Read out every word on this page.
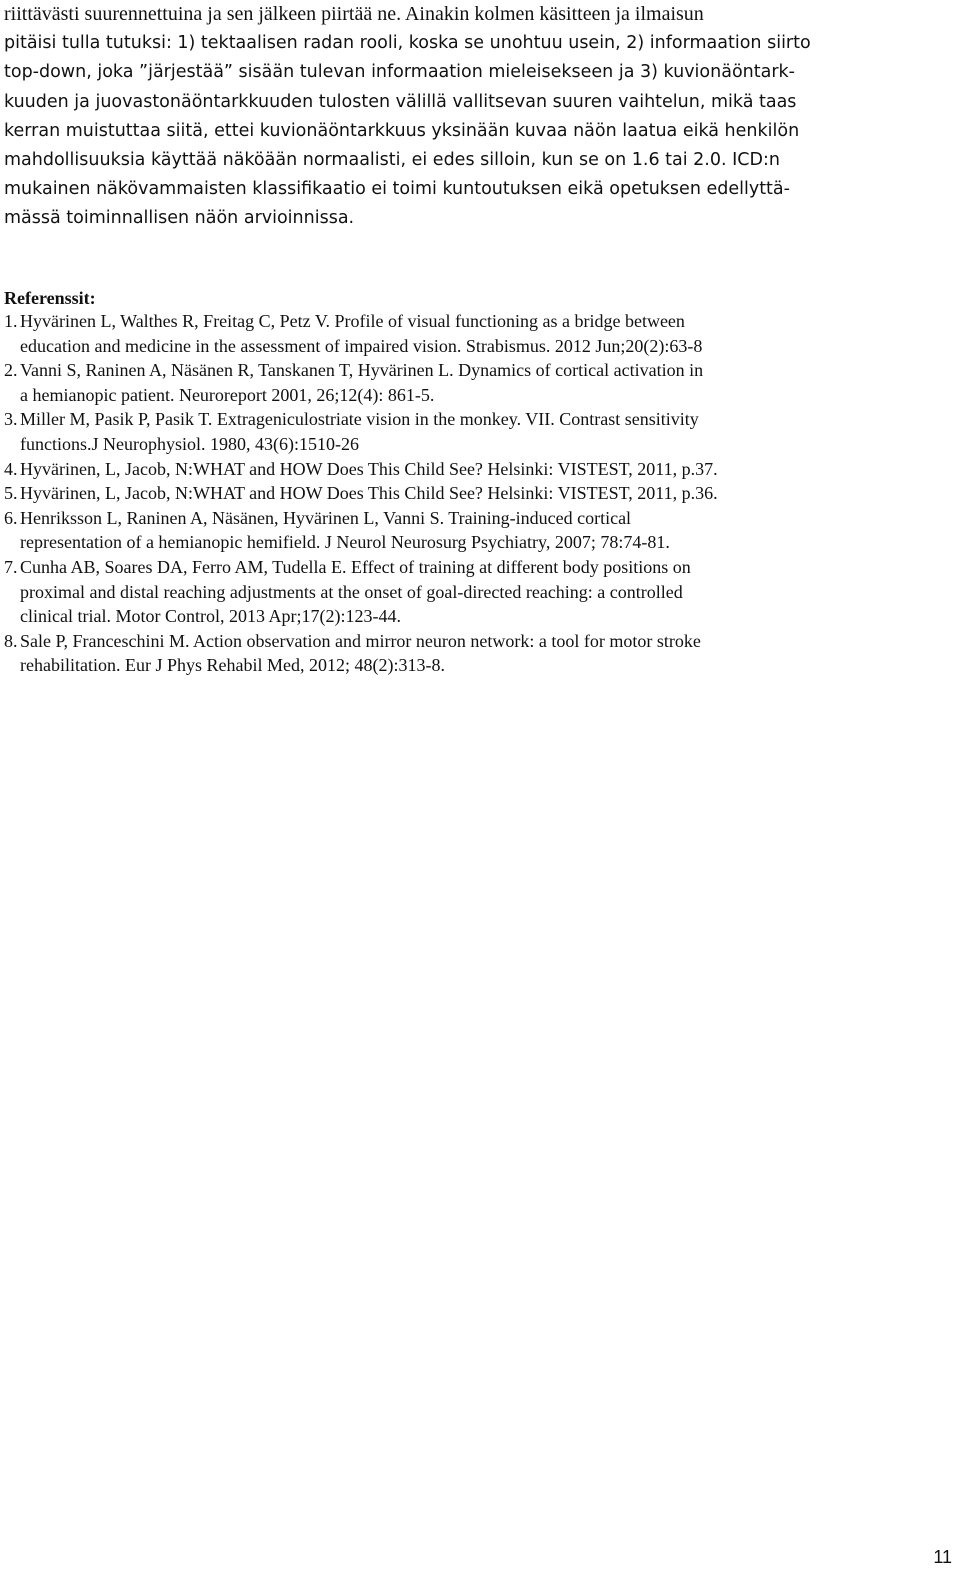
riittävästi suurennettuina ja sen jälkeen piirtää ne. Ainakin kolmen käsitteen ja ilmaisun
pitäisi tulla tutuksi: 1) tektaalisen radan rooli, koska se unohtuu usein, 2) informaation siirto
top-down, joka ”järjestää” sisään tulevan informaation mieleisekseen ja 3) kuvionäöntark-
kuuden ja juovastonäöntarkkuuden tulosten välillä vallitsevan suuren vaihtelun, mikä taas
kerran muistuttaa siitä, ettei kuvionäöntarkkuus yksinään kuvaa näön laatua eikä henkilön
mahdollisuuksia käyttää näköään normaalisti, ei edes silloin, kun se on 1.6 tai 2.0. ICD:n
mukainen näkövammaisten klassifikaatio ei toimi kuntoutuksen eikä opetuksen edellyttä-
mässä toiminnallisen näön arvioinnissa.
Referenssit:
1. Hyvärinen L, Walthes R, Freitag C, Petz V. Profile of visual functioning as a bridge between
education and medicine in the assessment of impaired vision. Strabismus. 2012 Jun;20(2):63-8
2. Vanni S, Raninen A, Näsänen R, Tanskanen T, Hyvärinen L. Dynamics of cortical activation in
a hemianopic patient. Neuroreport 2001, 26;12(4): 861-5.
3. Miller M, Pasik P, Pasik T. Extrageniculostriate vision in the monkey. VII. Contrast sensitivity
functions.J Neurophysiol. 1980, 43(6):1510-26
4. Hyvärinen, L, Jacob, N:WHAT and HOW Does This Child See? Helsinki: VISTEST, 2011, p.37.
5. Hyvärinen, L, Jacob, N:WHAT and HOW Does This Child See? Helsinki: VISTEST, 2011, p.36.
6. Henriksson L, Raninen A, Näsänen, Hyvärinen L, Vanni S. Training-induced cortical
representation of a hemianopic hemifield. J Neurol Neurosurg Psychiatry, 2007; 78:74-81.
7. Cunha AB, Soares DA, Ferro AM, Tudella E. Effect of training at different body positions on
proximal and distal reaching adjustments at the onset of goal-directed reaching: a controlled
clinical trial. Motor Control, 2013 Apr;17(2):123-44.
8. Sale P, Franceschini M. Action observation and mirror neuron network: a tool for motor stroke
rehabilitation. Eur J Phys Rehabil Med, 2012; 48(2):313-8.
11
